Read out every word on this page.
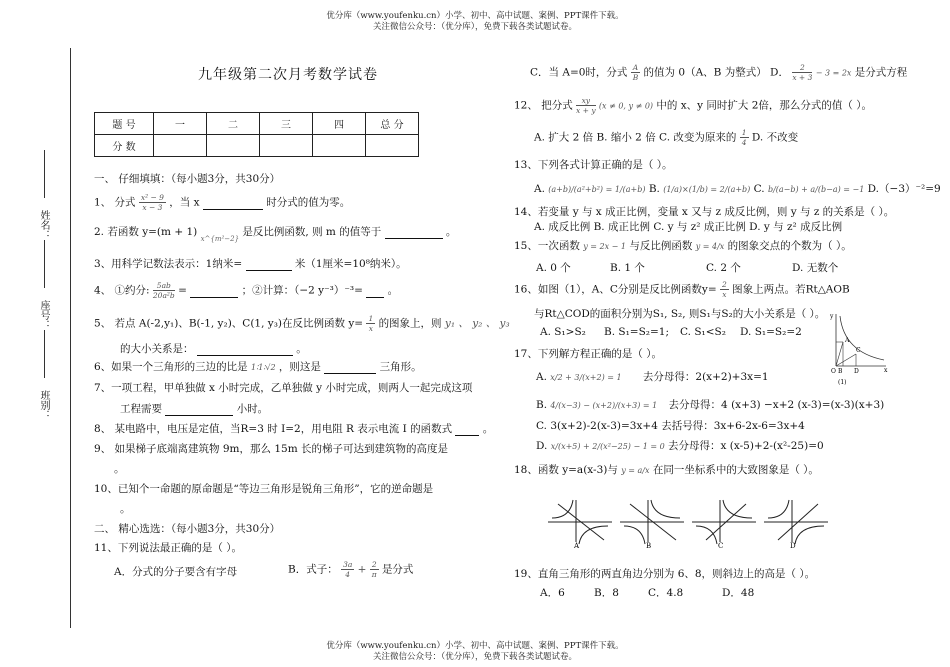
优分库（www.youfenku.cn）小学、初中、高中试题、案例、PPT课件下载。
关注微信公众号：（优分库），免费下载各类试题试卷。
优分库（www.youfenku.cn）小学、初中、高中试题、案例、PPT课件下载。
关注微信公众号：（优分库），免费下载各类试题试卷。
姓名：
座号：
班别：
九年级第二次月考数学试卷
题 号	一	二	三	四	总 分
分 数					
一、 仔细填填：（每小题3分，共30分）
1、 分式 $\frac{\text{x² − 9}}{x - 3}$ ，当 x	时分式的值为零。
2. 若函数 y=(m + 1) $_{x\^{}\{m^2-2\}}$ 是反比例函数, 则 m 的值等于	。
3、用科学记数法表示：1纳米=	米（1厘米=10⁸纳米）。
4、 ①约分: $\frac{5ab}{\text{20a²b}}$ =	；②计算：（−2 y⁻³）⁻³= 。
5、 若点 A(-2,y₁)、B(-1, y₂)、C(1, y₃)在反比例函数 $y= \frac{1}{x}$ 的图象上，则 y₁ 、 y₂ 、 y₃
的大小关系是：	。
6、如果一个三角形的三边的比是 1∶1∶√2 ，则这是	三角形。
7、一项工程，甲单独做 x 小时完成，乙单独做 y 小时完成，则两人一起完成这项
工程需要	小时。
8、 某电路中，电压是定值，当R=3 时 I=2，用电阻 R 表示电流 I 的函数式	。
9、 如果梯子底端离建筑物 9m，那么 15m 长的梯子可达到建筑物的高度是
。
10、已知个一命题的原命题是“等边三角形是锐角三角形”，它的逆命题是
。
二、 精心选选：（每小题3分，共30分）
11、下列说法最正确的是（ ）。
A．分式的分子要含有字母	B．式子： $\frac{3a}{4} + \frac{2}{\pi}$ 是分式
C．当 A=0时，分式 $\frac{A}{B}$ 的值为 0（A、B 为整式） D． $\frac{2}{x + 3} - 3 = 2x$ 是分式方程
12、 把分式 $\frac{xy}{x + y} (x \ne 0$, y ≠ 0) 中的 x、y 同时扩大 2倍，那么分式的值（ ）。
A. 扩大 2 倍 B. 缩小 2 倍 C. 改变为原来的 $\frac{1}{4} D$. 不改变
13、下列各式计算正确的是（ ）。
A. (a+b)/(a²+b²) = 1/(a+b) B. (1/a)×(1/b) = 2/(a+b) C. b/(a−b) + a/(b−a) = −1 D.（−3）⁻²=9
14、若变量 y 与 x 成正比例，变量 x 又与 z 成反比例，则 y 与 z 的关系是（ ）。
A. 成反比例 B. 成正比例 C. y 与 z² 成正比例 D. y 与 z² 成反比例
15、一次函数 y = 2x − 1 与反比例函数 y = 4/x 的图象交点的个数为（ ）。
A. 0 个	B. 1 个	C. 2 个	D. 无数个
16、如图（1），A、C分别是反比例函数$y= \frac{2}{x}$ 图象上两点。若Rt△AOB
与Rt△COD的面积分别为S₁, S₂, 则S₁与S₂的大小关系是（ ）。
A. S₁>S₂ B. S₁=S₂=1; C. S₁<S₂ D. S₁=S₂=2
y
A
C
B
O	D	x
(1)
17、下列解方程正确的是（ ）。
A. x/2 + 3/(x+2) = 1 去分母得：2(x+2)+3x=1
B. 4/(x−3) − (x+2)/(x+3) = 1 去分母得：4 (x+3) −x+2 (x-3)=(x-3)(x+3)
C. 3(x+2)-2(x-3)=3x+4 去括号得：3x+6-2x-6=3x+4
D. x/(x+5) + 2/(x²−25) − 1 = 0 去分母得：x (x-5)+2-(x²-25)=0
18、函数 y=a(x-3)与 y = a/x 在同一坐标系中的大致图象是（ ）。
A	B	C	D
19、直角三角形的两直角边分别为 6、8，则斜边上的高是（ ）。
A．6	B．8	C．4.8	D．48
